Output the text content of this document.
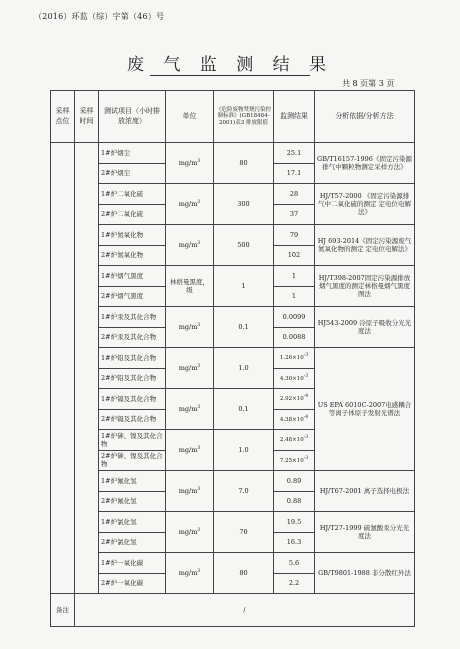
（2016）环监（综）字第（46）号
废 气 监 测 结 果
共 8 页第 3 页
采样点位	采样时间	测试项目（小时排放浓度）	单位	《危险废物焚烧污染控制标准》(GB18484-2001)表3 排放限值	监测结果	分析依据/分析方法
		1#炉烟尘	$mg/m^3$	80	25.1	GB/T16157-1996《固定污染源排气中颗粒物测定采样方法》
		2#炉烟尘			17.1	
		1#炉二氧化硫	$mg/m^3$	300	28	HJ/T57-2000 《固定污染源排气中二氧化硫的测定 定电位电解法》
		2#炉二氧化硫			37	
		1#炉氮氧化物	$mg/m^3$	500	79	HJ 693-2014《固定污染源废气 氮氧化物的测定 定电位电解法》
		2#炉氮氧化物			102	
		1#炉烟气黑度	林格曼黑度，级	1	1	HJ/T398-2007固定污染源排放 烟气黑度的测定林格曼烟气黑度图法
		2#炉烟气黑度			1	
		1#炉汞及其化合物	$mg/m^3$	0.1	0.0099	HJ543-2009 冷原子吸收分光光度法
		2#炉汞及其化合物			0.0088	
		1#炉铅及其化合物	$mg/m^3$	1.0	$1.26\times 10^{-3}$	US EPA 6010C-2007电感耦合等离子体原子发射光谱法
		2#炉铅及其化合物			$4.30\times 10^{-3}$
		1#炉镉及其化合物	$mg/m^3$	0.1	$2.92\times 10^{-4}$
		2#炉镉及其化合物			$4.38\times 10^{-4}$
		1#炉砷、镍及其化合物	$mg/m^3$	1.0	$2.48\times 10^{-3}$
		2#炉砷、镍及其化合物			$7.25\times 10^{-3}$
		1#炉氟化氢	$mg/m^3$	7.0	0.89	HJ/T67-2001 离子选择电极法
		2#炉氟化氢			0.88	
		1#炉氯化氢	$mg/m^3$	70	19.5	HJ/T27-1999 硫氰酸汞分光光度法
		2#炉氯化氢			16.3	
		1#炉一氧化碳	$mg/m^3$	80	5.6	GB/T9801-1988 非分散红外法
		2#炉一氧化碳			2.2	
备注	/					
